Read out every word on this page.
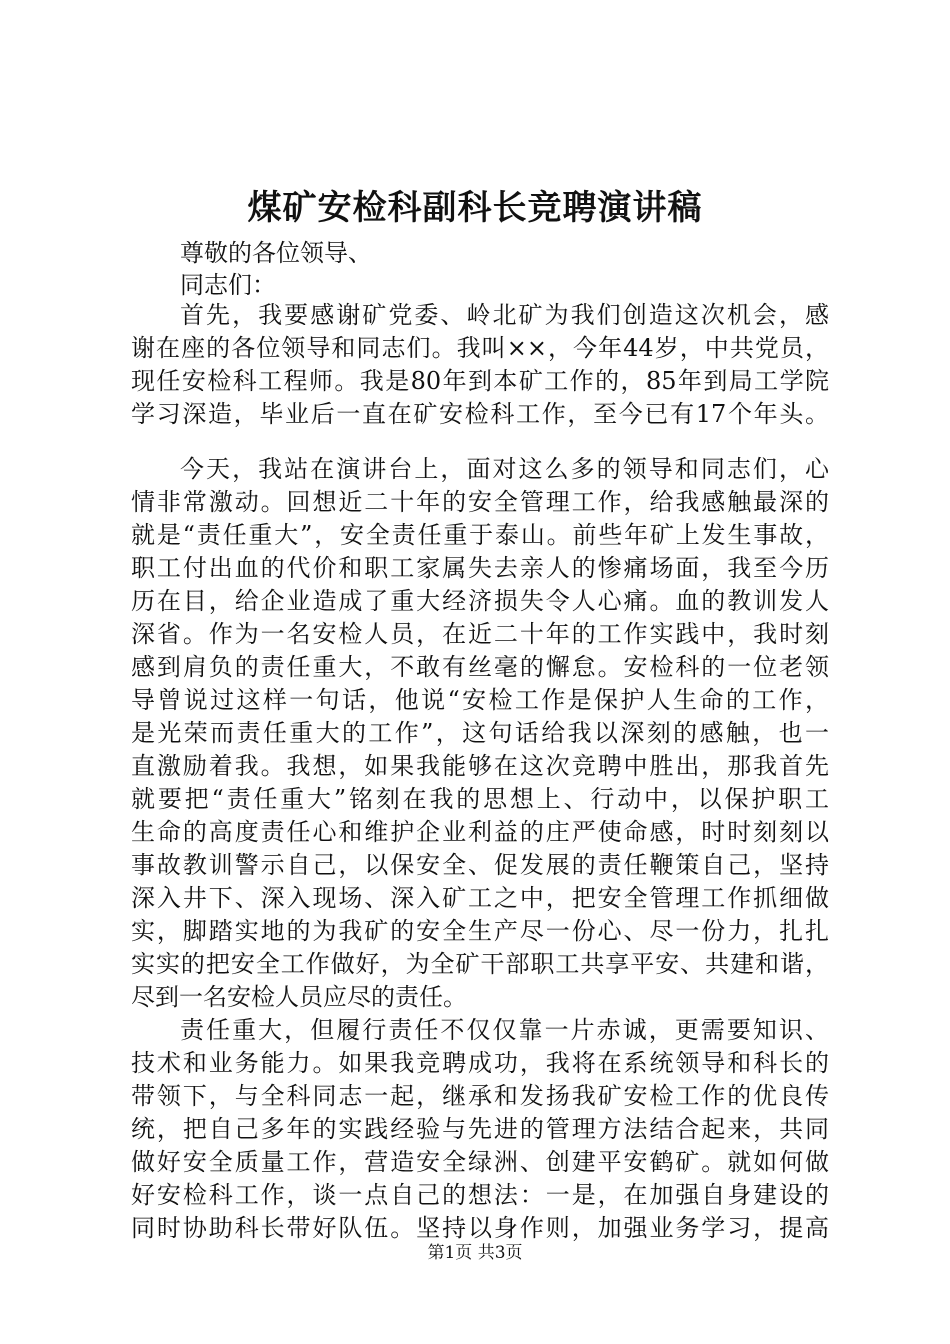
煤矿安检科副科长竞聘演讲稿
尊敬的各位领导、
同志们：
首先，我要感谢矿党委、岭北矿为我们创造这次机会，感
谢在座的各位领导和同志们。我叫××，今年44岁，中共党员，
现任安检科工程师。我是80年到本矿工作的，85年到局工学院
学习深造，毕业后一直在矿安检科工作，至今已有17个年头。
今天，我站在演讲台上，面对这么多的领导和同志们，心
情非常激动。回想近二十年的安全管理工作，给我感触最深的
就是“责任重大”，安全责任重于泰山。前些年矿上发生事故，
职工付出血的代价和职工家属失去亲人的惨痛场面，我至今历
历在目，给企业造成了重大经济损失令人心痛。血的教训发人
深省。作为一名安检人员，在近二十年的工作实践中，我时刻
感到肩负的责任重大，不敢有丝毫的懈怠。安检科的一位老领
导曾说过这样一句话，他说“安检工作是保护人生命的工作，
是光荣而责任重大的工作”，这句话给我以深刻的感触，也一
直激励着我。我想，如果我能够在这次竞聘中胜出，那我首先
就要把“责任重大”铭刻在我的思想上、行动中，以保护职工
生命的高度责任心和维护企业利益的庄严使命感，时时刻刻以
事故教训警示自己，以保安全、促发展的责任鞭策自己，坚持
深入井下、深入现场、深入矿工之中，把安全管理工作抓细做
实，脚踏实地的为我矿的安全生产尽一份心、尽一份力，扎扎
实实的把安全工作做好，为全矿干部职工共享平安、共建和谐，
尽到一名安检人员应尽的责任。
责任重大，但履行责任不仅仅靠一片赤诚，更需要知识、
技术和业务能力。如果我竞聘成功，我将在系统领导和科长的
带领下，与全科同志一起，继承和发扬我矿安检工作的优良传
统，把自己多年的实践经验与先进的管理方法结合起来，共同
做好安全质量工作，营造安全绿洲、创建平安鹤矿。就如何做
好安检科工作，谈一点自己的想法：一是，在加强自身建设的
同时协助科长带好队伍。坚持以身作则，加强业务学习，提高
第1页 共3页
